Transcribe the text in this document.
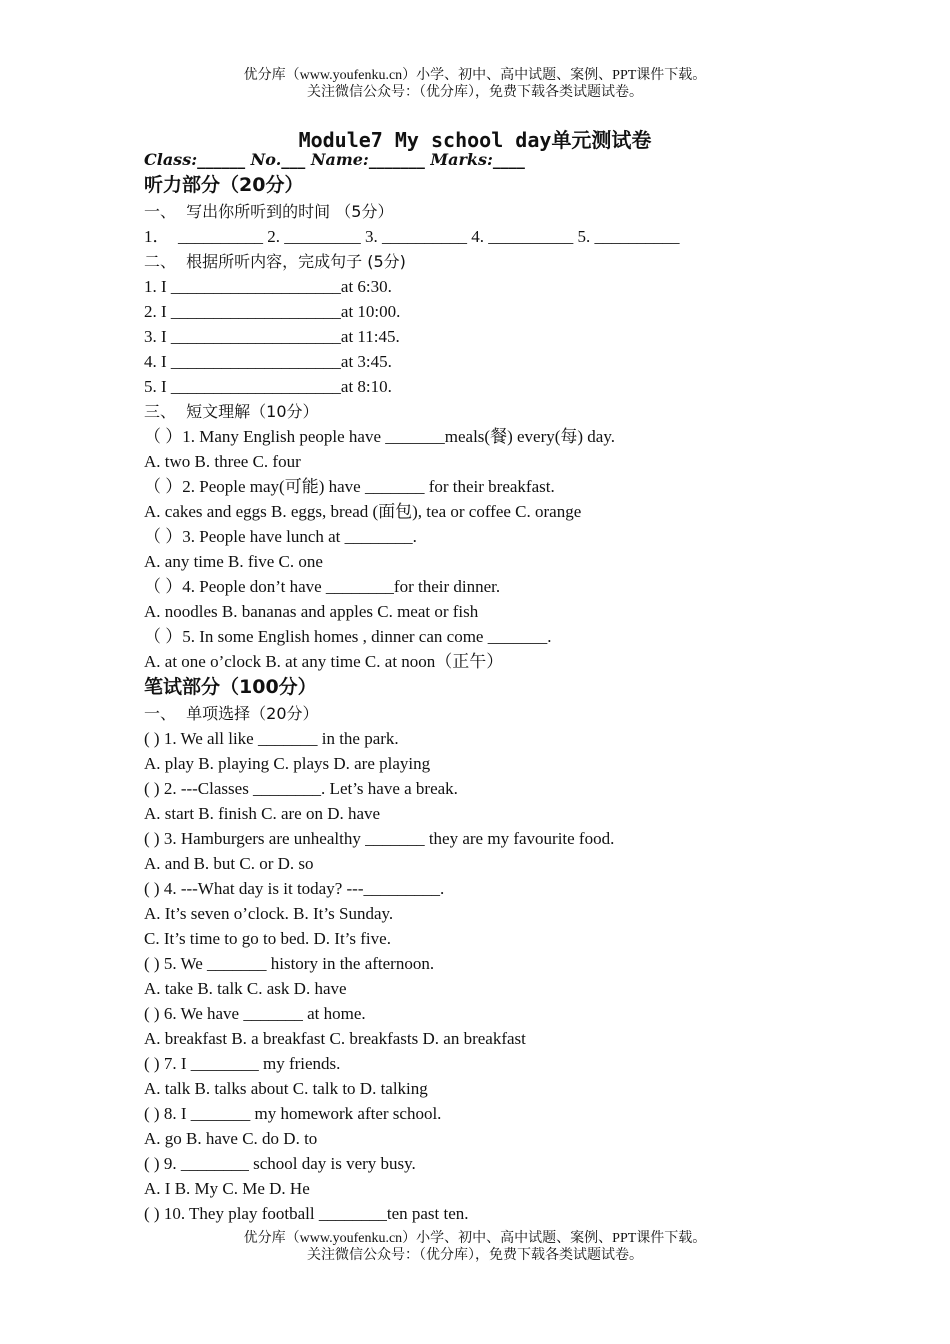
优分库（www.youfenku.cn）小学、初中、高中试题、案例、PPT课件下载。
关注微信公众号：（优分库），免费下载各类试题试卷。
Module7 My school day单元测试卷
Class:______ No.___ Name:_______ Marks:____
听力部分（20分）
一、  写出你所听到的时间 （5分）
1．  __________ 2. _________ 3. __________ 4. __________ 5. __________
二、  根据所听内容，完成句子 (5分)
1. I ____________________at 6:30.
2. I ____________________at 10:00.
3. I ____________________at 11:45.
4. I ____________________at 3:45.
5. I ____________________at 8:10.
三、  短文理解（10分）
（ ）1. Many English people have _______meals(餐) every(每) day.
A. two B. three C. four
（ ）2. People may(可能) have _______ for their breakfast.
A. cakes and eggs B. eggs, bread (面包), tea or coffee C. orange
（ ）3. People have lunch at ________.
A. any time B. five C. one
（ ）4. People don’t have ________for their dinner.
A. noodles B. bananas and apples C. meat or fish
（ ）5. In some English homes , dinner can come _______.
A. at one o’clock B. at any time C. at noon（正午）
笔试部分（100分）
一、  单项选择（20分）
( ) 1. We all like _______ in the park.
A. play B. playing C. plays D. are playing
( ) 2. ---Classes ________. Let’s have a break.
A. start B. finish C. are on D. have
( ) 3. Hamburgers are unhealthy _______ they are my favourite food.
A. and B. but C. or D. so
( ) 4. ---What day is it today? ---_________.
A. It’s seven o’clock. B. It’s Sunday.
C. It’s time to go to bed. D. It’s five.
( ) 5. We _______ history in the afternoon.
A. take B. talk C. ask D. have
( ) 6. We have _______ at home.
A. breakfast B. a breakfast C. breakfasts D. an breakfast
( ) 7. I ________ my friends.
A. talk B. talks about C. talk to D. talking
( ) 8. I _______ my homework after school.
A. go B. have C. do D. to
( ) 9. ________ school day is very busy.
A. I B. My C. Me D. He
( ) 10. They play football ________ten past ten.
优分库（www.youfenku.cn）小学、初中、高中试题、案例、PPT课件下载。
关注微信公众号：（优分库），免费下载各类试题试卷。
